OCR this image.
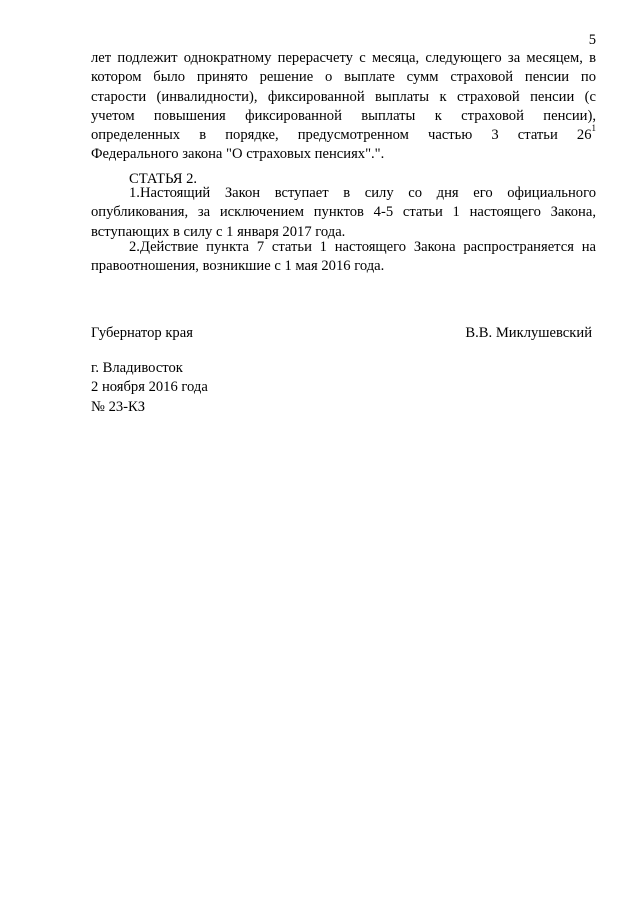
5
лет подлежит однократному перерасчету с месяца, следующего за месяцем, в
котором было принято решение о выплате сумм страховой пенсии по
старости (инвалидности), фиксированной выплаты к страховой пенсии (с
учетом повышения фиксированной выплаты к страховой пенсии),
определенных в порядке, предусмотренном частью 3 статьи $26^1$
Федерального закона "О страховых пенсиях".".
СТАТЬЯ 2.
1.Настоящий Закон вступает в силу со дня его официального
опубликования, за исключением пунктов 4-5 статьи 1 настоящего Закона,
вступающих в силу с 1 января 2017 года.
2.Действие пункта 7 статьи 1 настоящего Закона распространяется на
правоотношения, возникшие с 1 мая 2016 года.
Губернатор края	В.В. Миклушевский
г. Владивосток
2 ноября 2016 года
№ 23-КЗ
